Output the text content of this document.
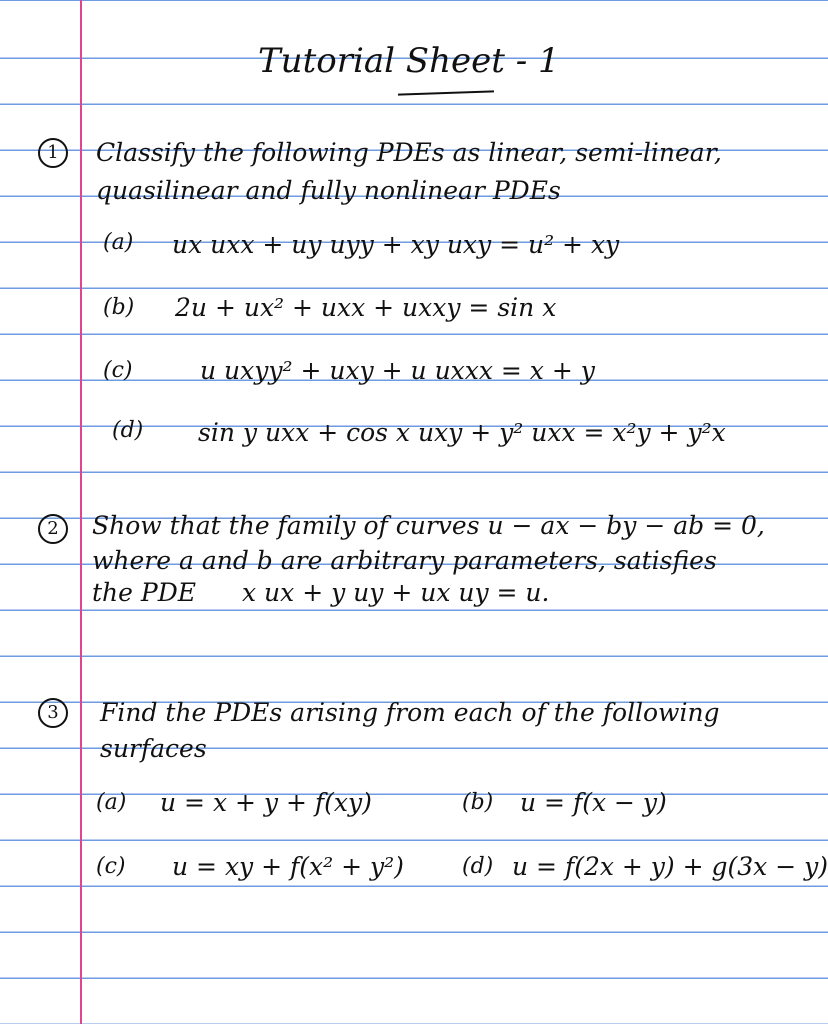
Tutorial Sheet - 1
1	Classify the following PDEs as linear, semi-linear,
quasilinear and fully nonlinear PDEs
(a) ux uxx + uy uyy + xy uxy = u² + xy
(b) 2u + ux² + uxx + uxxy = sin x
(c)	u uxyy² + uxy + u uxxx = x + y
(d) sin y uxx + cos x uxy + y² uxx = x²y + y²x
2	Show that the family of curves u − ax − by − ab = 0,
where a and b are arbitrary parameters, satisfies
the PDE x ux + y uy + ux uy = u.
3	Find the PDEs arising from each of the following
surfaces
(a) u = x + y + f(xy)	(b) u = f(x − y)
(c) u = xy + f(x² + y²)	(d) u = f(2x + y) + g(3x − y)
